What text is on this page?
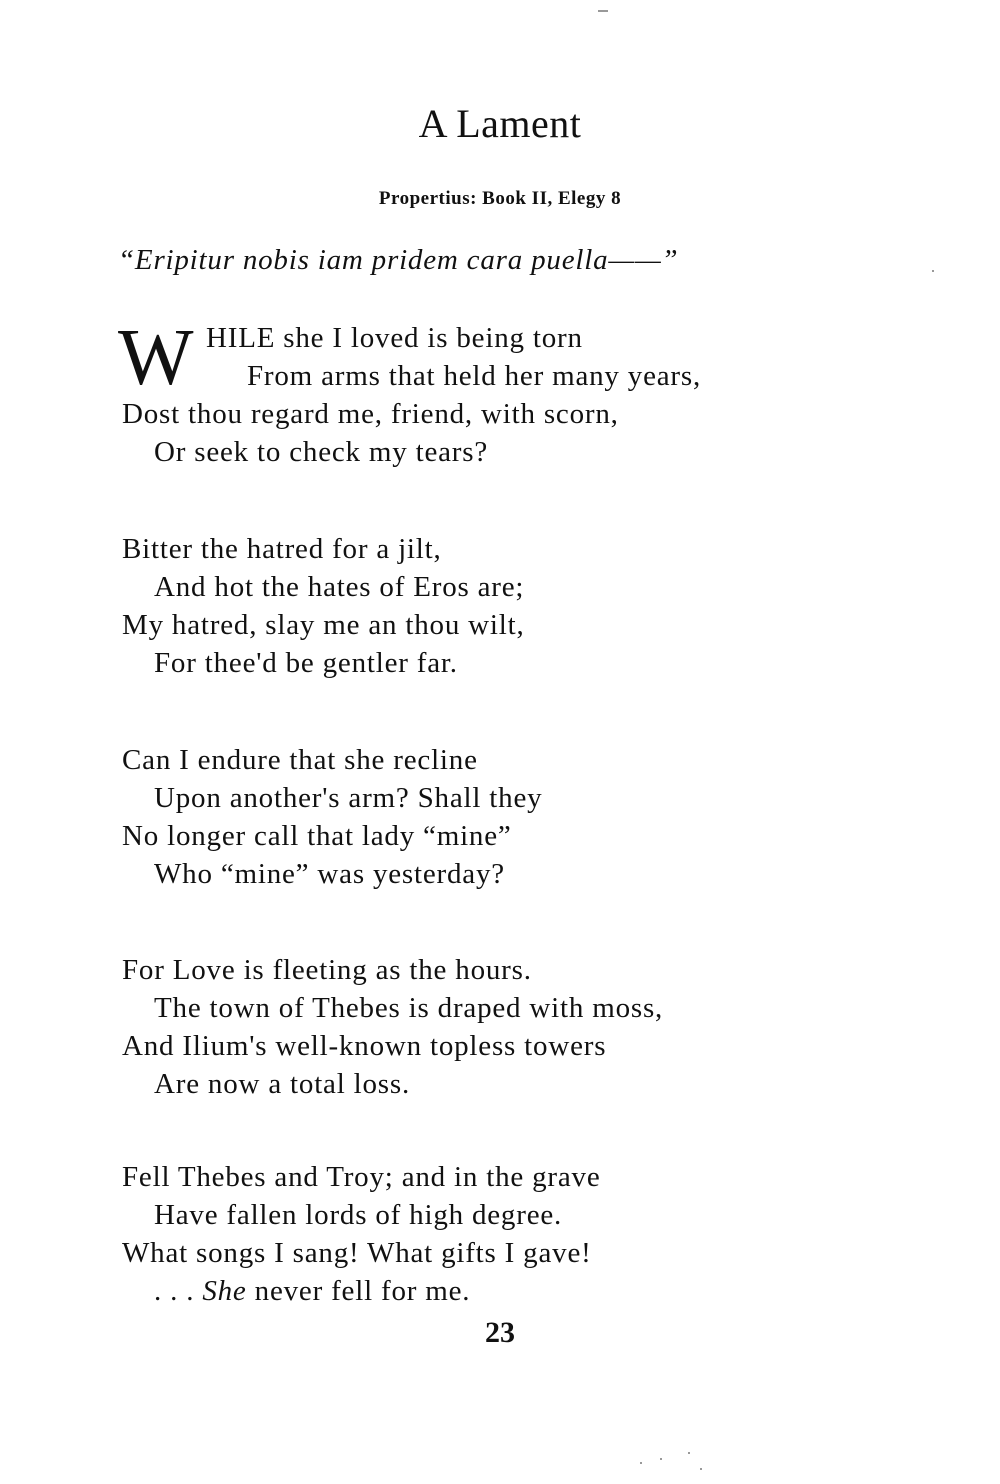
A Lament
Propertius: Book II, Elegy 8
“Eripitur nobis iam pridem cara puella——”
W HILE she I loved is being torn
From arms that held her many years,
Dost thou regard me, friend, with scorn,
Or seek to check my tears?
Bitter the hatred for a jilt,
And hot the hates of Eros are;
My hatred, slay me an thou wilt,
For thee'd be gentler far.
Can I endure that she recline
Upon another's arm? Shall they
No longer call that lady “mine”
Who “mine” was yesterday?
For Love is fleeting as the hours.
The town of Thebes is draped with moss,
And Ilium's well-known topless towers
Are now a total loss.
Fell Thebes and Troy; and in the grave
Have fallen lords of high degree.
What songs I sang! What gifts I gave!
. . . She never fell for me.
23
